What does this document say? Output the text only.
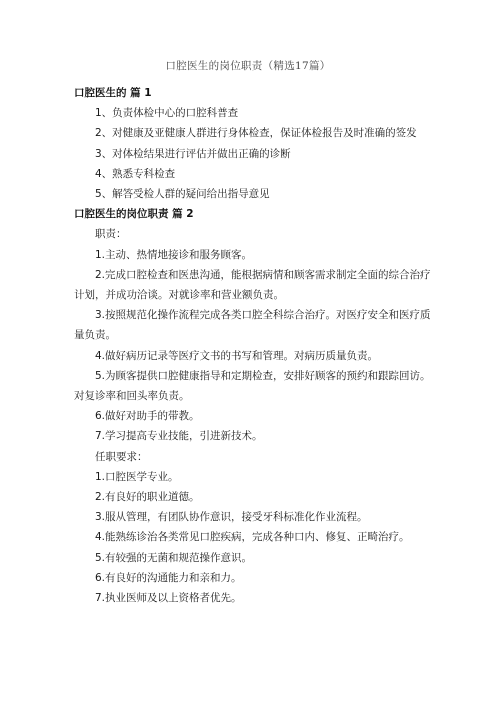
口腔医生的岗位职责（精选17篇）

口腔医生的 篇 1

1、负责体检中心的口腔科普查

2、对健康及亚健康人群进行身体检查，保证体检报告及时准确的签发

3、对体检结果进行评估并做出正确的诊断

4、熟悉专科检查

5、解答受检人群的疑问给出指导意见

口腔医生的岗位职责 篇 2

职责：

1.主动、热情地接诊和服务顾客。

2.完成口腔检查和医患沟通，能根据病情和顾客需求制定全面的综合治疗计划，并成功洽谈。对就诊率和营业额负责。

3.按照规范化操作流程完成各类口腔全科综合治疗。对医疗安全和医疗质量负责。

4.做好病历记录等医疗文书的书写和管理。对病历质量负责。

5.为顾客提供口腔健康指导和定期检查，安排好顾客的预约和跟踪回访。对复诊率和回头率负责。

6.做好对助手的带教。

7.学习提高专业技能，引进新技术。

任职要求：

1.口腔医学专业。

2.有良好的职业道德。

3.服从管理，有团队协作意识，接受牙科标准化作业流程。

4.能熟练诊治各类常见口腔疾病，完成各种口内、修复、正畸治疗。

5.有较强的无菌和规范操作意识。

6.有良好的沟通能力和亲和力。

7.执业医师及以上资格者优先。
